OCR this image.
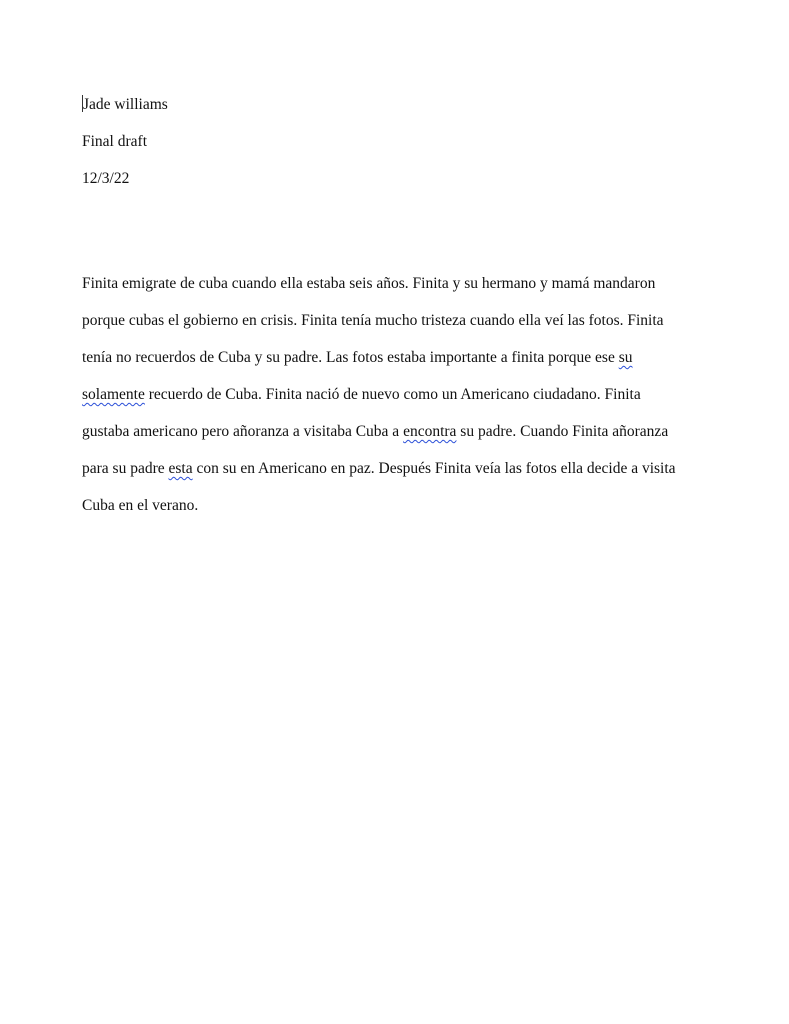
Jade williams
Final draft
12/3/22
Finita emigrate de cuba cuando ella estaba seis años. Finita y su hermano y mamá mandaron
porque cubas el gobierno en crisis. Finita tenía mucho tristeza cuando ella veí las fotos. Finita
tenía no recuerdos de Cuba y su padre. Las fotos estaba importante a finita porque ese su
solamente recuerdo de Cuba. Finita nació de nuevo como un Americano ciudadano. Finita
gustaba americano pero añoranza a visitaba Cuba a encontra su padre. Cuando Finita añoranza
para su padre esta con su en Americano en paz. Después Finita veía las fotos ella decide a visita
Cuba en el verano.
